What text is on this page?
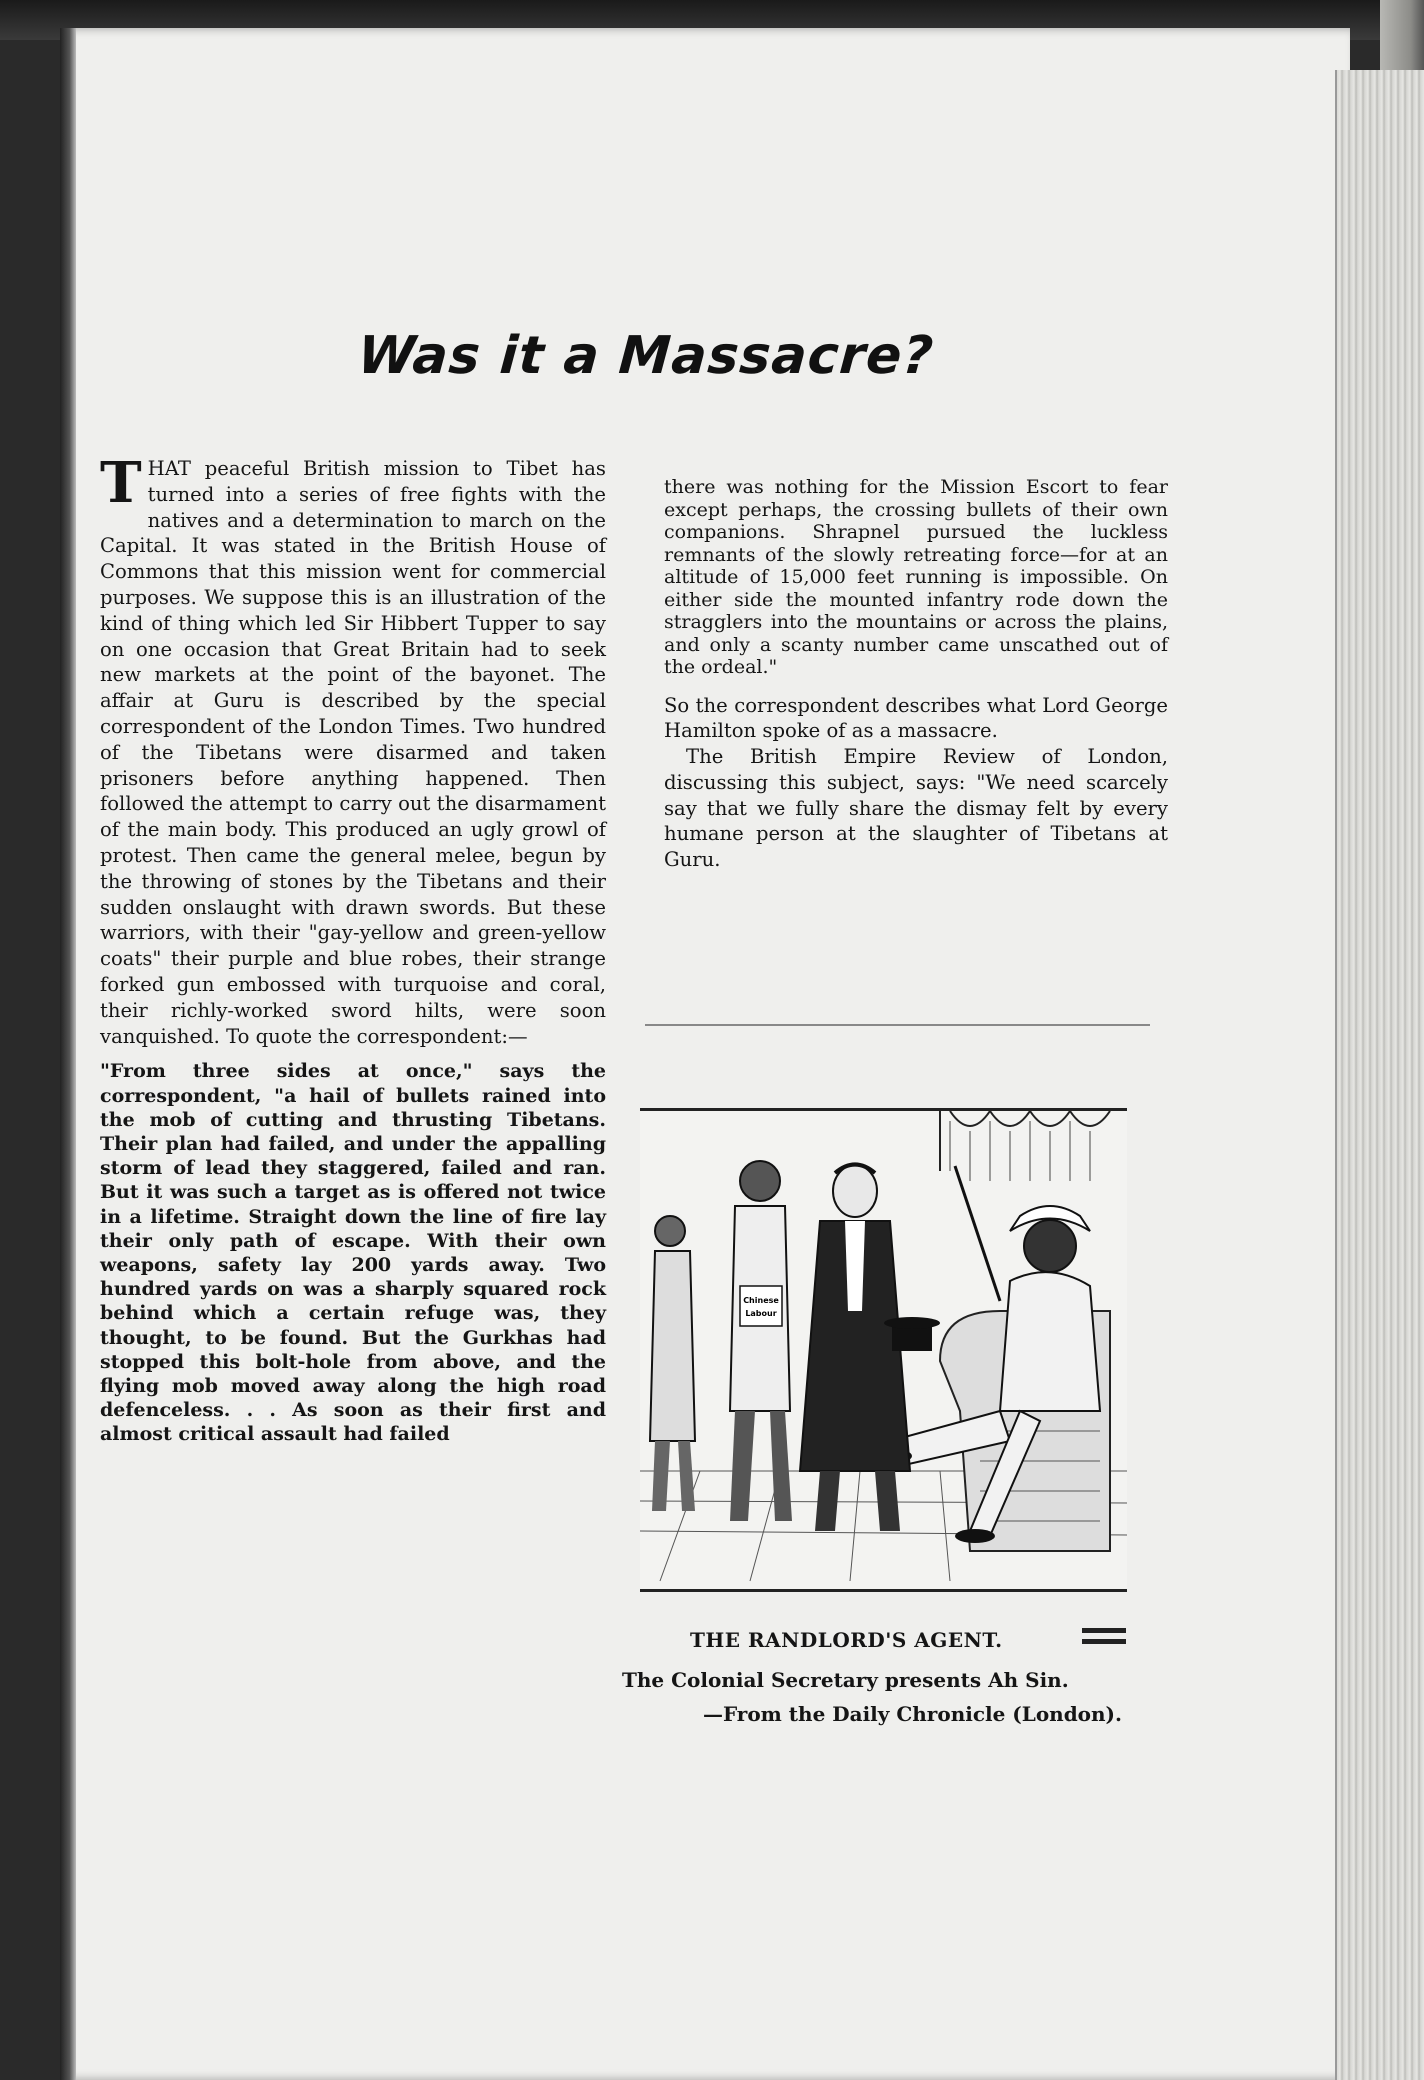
Was it a Massacre?

THAT peaceful British mission to Tibet has turned into a series of free fights with the natives and a determination to march on the Capital. It was stated in the British House of Commons that this mission went for commercial purposes. We suppose this is an illustration of the kind of thing which led Sir Hibbert Tupper to say on one occasion that Great Britain had to seek new markets at the point of the bayonet. The affair at Guru is described by the special correspondent of the London Times. Two hundred of the Tibetans were disarmed and taken prisoners before anything happened. Then followed the attempt to carry out the disarmament of the main body. This produced an ugly growl of protest. Then came the general melee, begun by the throwing of stones by the Tibetans and their sudden onslaught with drawn swords. But these warriors, with their "gay-yellow and green-yellow coats" their purple and blue robes, their strange forked gun embossed with turquoise and coral, their richly-worked sword hilts, were soon vanquished. To quote the correspondent:—

"From three sides at once," says the correspondent, "a hail of bullets rained into the mob of cutting and thrusting Tibetans. Their plan had failed, and under the appalling storm of lead they staggered, failed and ran. But it was such a target as is offered not twice in a lifetime. Straight down the line of fire lay their only path of escape. With their own weapons, safety lay 200 yards away. Two hundred yards on was a sharply squared rock behind which a certain refuge was, they thought, to be found. But the Gurkhas had stopped this bolt-hole from above, and the flying mob moved away along the high road defenceless. . . As soon as their first and almost critical assault had failed

there was nothing for the Mission Escort to fear except perhaps, the crossing bullets of their own companions. Shrapnel pursued the luckless remnants of the slowly retreating force—for at an altitude of 15,000 feet running is impossible. On either side the mounted infantry rode down the stragglers into the mountains or across the plains, and only a scanty number came unscathed out of the ordeal."

So the correspondent describes what Lord George Hamilton spoke of as a massacre.

The British Empire Review of London, discussing this subject, says: "We need scarcely say that we fully share the dismay felt by every humane person at the slaughter of Tibetans at Guru.

Chinese
Labour
THE RANDLORD'S AGENT.
The Colonial Secretary presents Ah Sin.
—From the Daily Chronicle (London).
